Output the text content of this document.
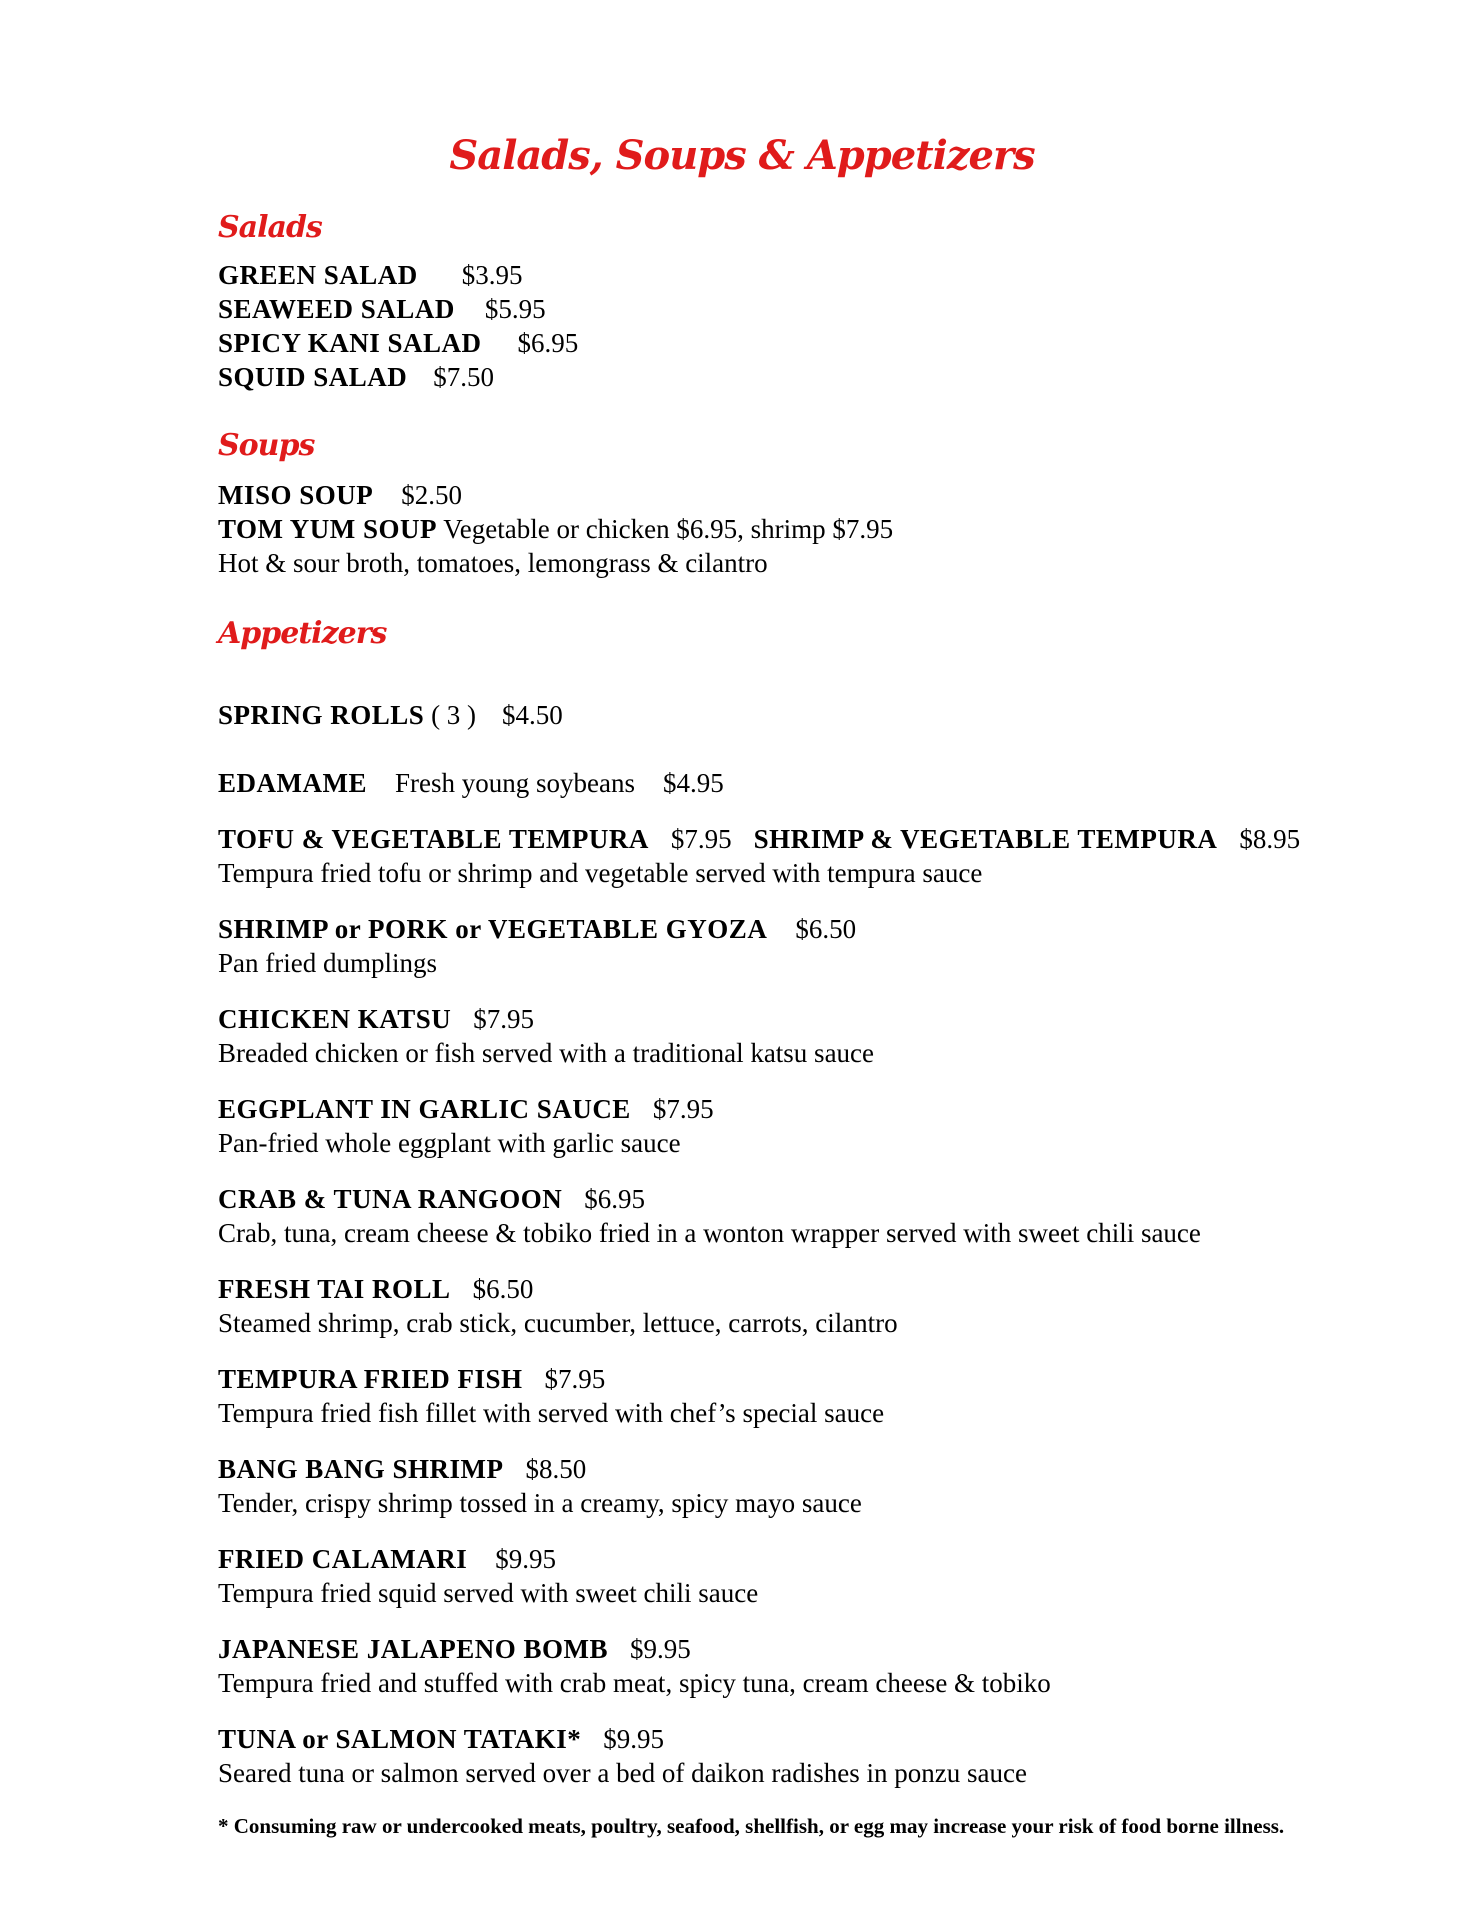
Salads, Soups & Appetizers
Salads
GREEN SALAD $3.95
SEAWEED SALAD $5.95
SPICY KANI SALAD $6.95
SQUID SALAD $7.50
Soups
MISO SOUP $2.50
TOM YUM SOUP Vegetable or chicken $6.95, shrimp $7.95
Hot & sour broth, tomatoes, lemongrass & cilantro
Appetizers
SPRING ROLLS ( 3 ) $4.50
EDAMAME Fresh young soybeans $4.95
TOFU & VEGETABLE TEMPURA $7.95 SHRIMP & VEGETABLE TEMPURA $8.95
Tempura fried tofu or shrimp and vegetable served with tempura sauce
SHRIMP or PORK or VEGETABLE GYOZA $6.50
Pan fried dumplings
CHICKEN KATSU $7.95
Breaded chicken or fish served with a traditional katsu sauce
EGGPLANT IN GARLIC SAUCE $7.95
Pan-fried whole eggplant with garlic sauce
CRAB & TUNA RANGOON $6.95
Crab, tuna, cream cheese & tobiko fried in a wonton wrapper served with sweet chili sauce
FRESH TAI ROLL $6.50
Steamed shrimp, crab stick, cucumber, lettuce, carrots, cilantro
TEMPURA FRIED FISH $7.95
Tempura fried fish fillet with served with chef’s special sauce
BANG BANG SHRIMP $8.50
Tender, crispy shrimp tossed in a creamy, spicy mayo sauce
FRIED CALAMARI $9.95
Tempura fried squid served with sweet chili sauce
JAPANESE JALAPENO BOMB $9.95
Tempura fried and stuffed with crab meat, spicy tuna, cream cheese & tobiko
TUNA or SALMON TATAKI* $9.95
Seared tuna or salmon served over a bed of daikon radishes in ponzu sauce
* Consuming raw or undercooked meats, poultry, seafood, shellfish, or egg may increase your risk of food borne illness.
